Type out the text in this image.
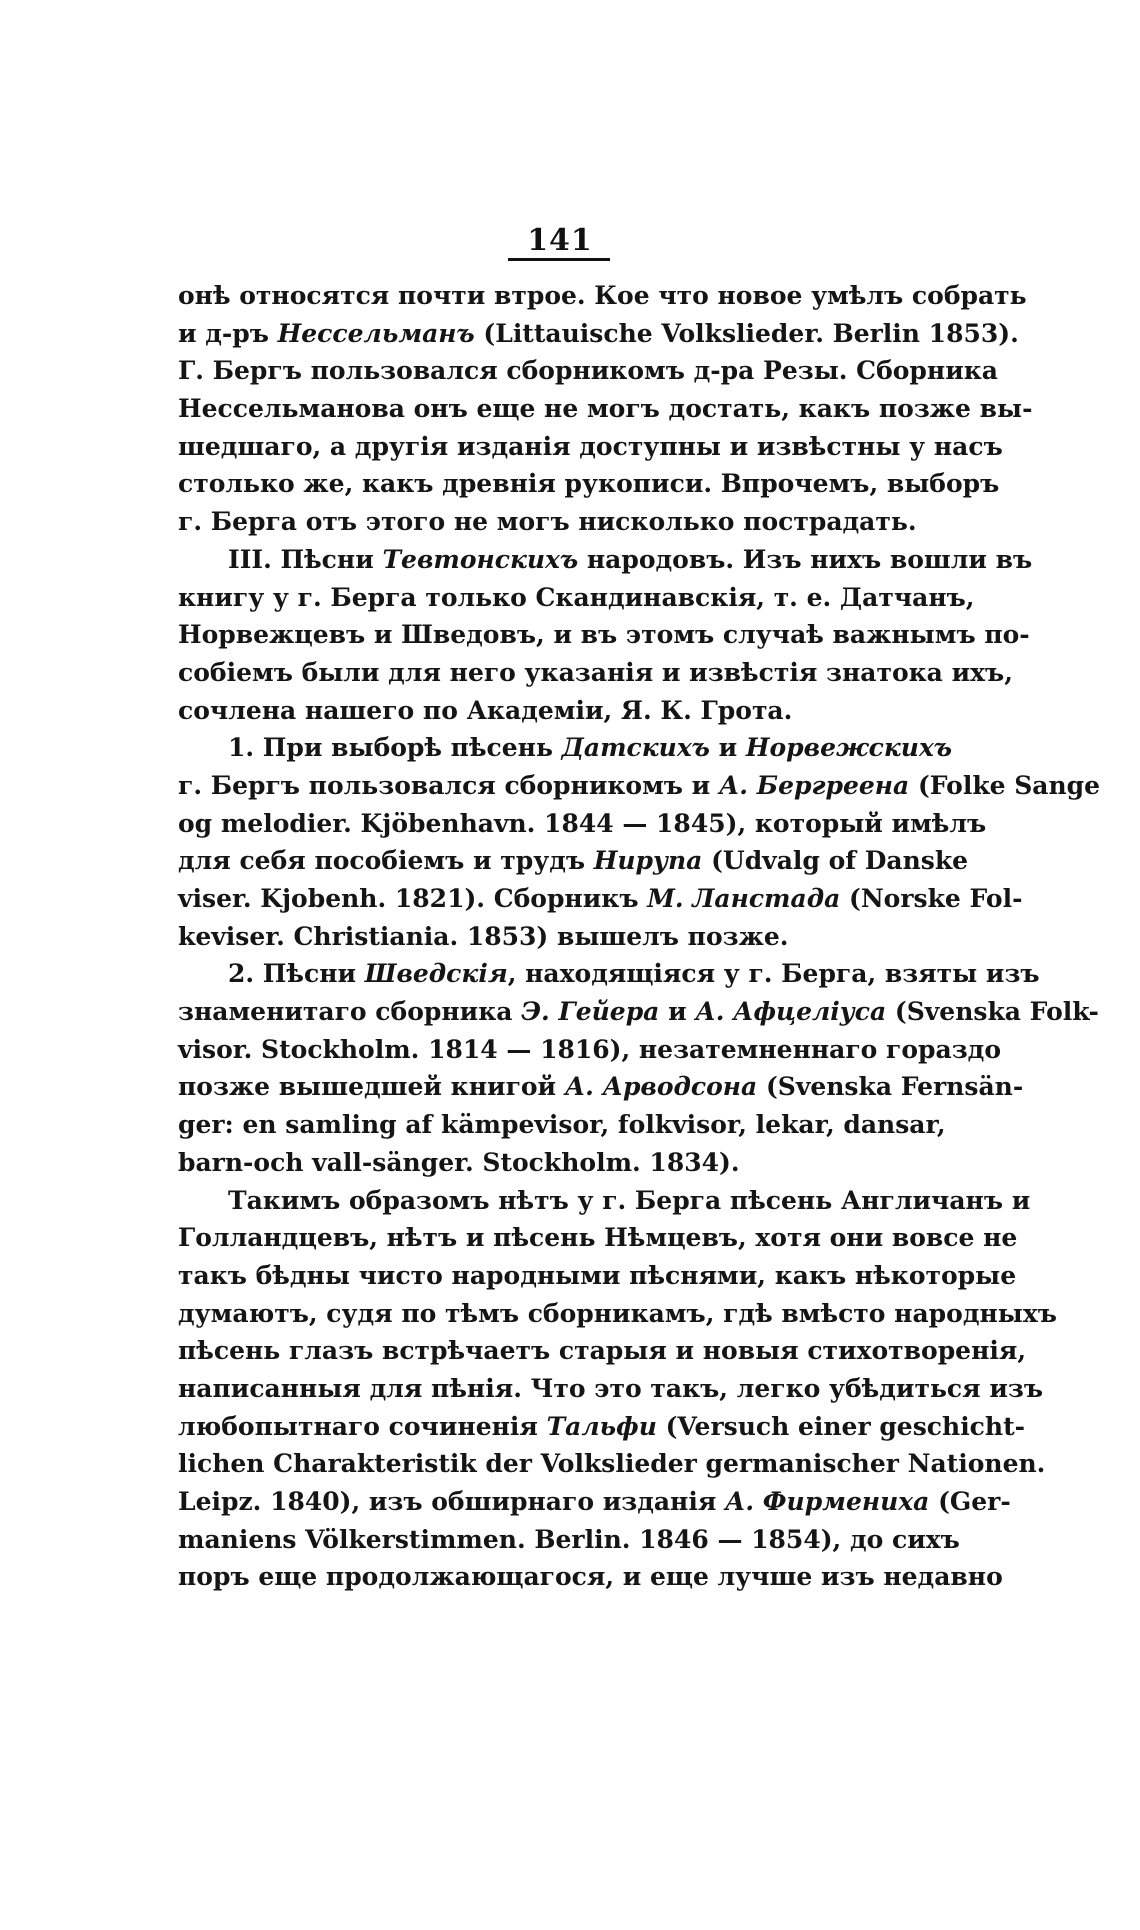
141
онѣ относятся почти втрое. Кое что новое умѣлъ собрать
и д-ръ Нессельманъ (Littauische Volkslieder. Berlin 1853).
Г. Бергъ пользовался сборникомъ д-ра Резы. Сборника
Нессельманова онъ еще не могъ достать, какъ позже вы-
шедшаго, а другія изданія доступны и извѣстны у насъ
столько же, какъ древнія рукописи. Впрочемъ, выборъ
г. Берга отъ этого не могъ нисколько пострадать.
III. Пѣсни Тевтонскихъ народовъ. Изъ нихъ вошли въ
книгу у г. Берга только Скандинавскія, т. е. Датчанъ,
Норвежцевъ и Шведовъ, и въ этомъ случаѣ важнымъ по-
собіемъ были для него указанія и извѣстія знатока ихъ,
сочлена нашего по Академіи, Я. К. Грота.
1. При выборѣ пѣсень Датскихъ и Норвежскихъ
г. Бергъ пользовался сборникомъ и А. Бергреена (Folke Sange
og melodier. Kjöbenhavn. 1844 — 1845), который имѣлъ
для себя пособіемъ и трудъ Нирупа (Udvalg of Danske
viser. Kjobenh. 1821). Сборникъ М. Ланстада (Norske Fol-
keviser. Christiania. 1853) вышелъ позже.
2. Пѣсни Шведскія, находящіяся у г. Берга, взяты изъ
знаменитаго сборника Э. Гейера и А. Афцеліуса (Svenska Folk-
visor. Stockholm. 1814 — 1816), незатемненнаго гораздо
позже вышедшей книгой А. Арводсона (Svenska Fernsän-
ger: en samling af kämpevisor, folkvisor, lekar, dansar,
barn-och vall-sänger. Stockholm. 1834).
Такимъ образомъ нѣтъ у г. Берга пѣсень Англичанъ и
Голландцевъ, нѣтъ и пѣсень Нѣмцевъ, хотя они вовсе не
такъ бѣдны чисто народными пѣснями, какъ нѣкоторые
думаютъ, судя по тѣмъ сборникамъ, гдѣ вмѣсто народныхъ
пѣсень глазъ встрѣчаетъ старыя и новыя стихотворенія,
написанныя для пѣнія. Что это такъ, легко убѣдиться изъ
любопытнаго сочиненія Тальфи (Versuch einer geschicht-
lichen Charakteristik der Volkslieder germanischer Nationen.
Leipz. 1840), изъ обширнаго изданія А. Фирмениха (Ger-
maniens Völkerstimmen. Berlin. 1846 — 1854), до сихъ
поръ еще продолжающагося, и еще лучше изъ недавно
